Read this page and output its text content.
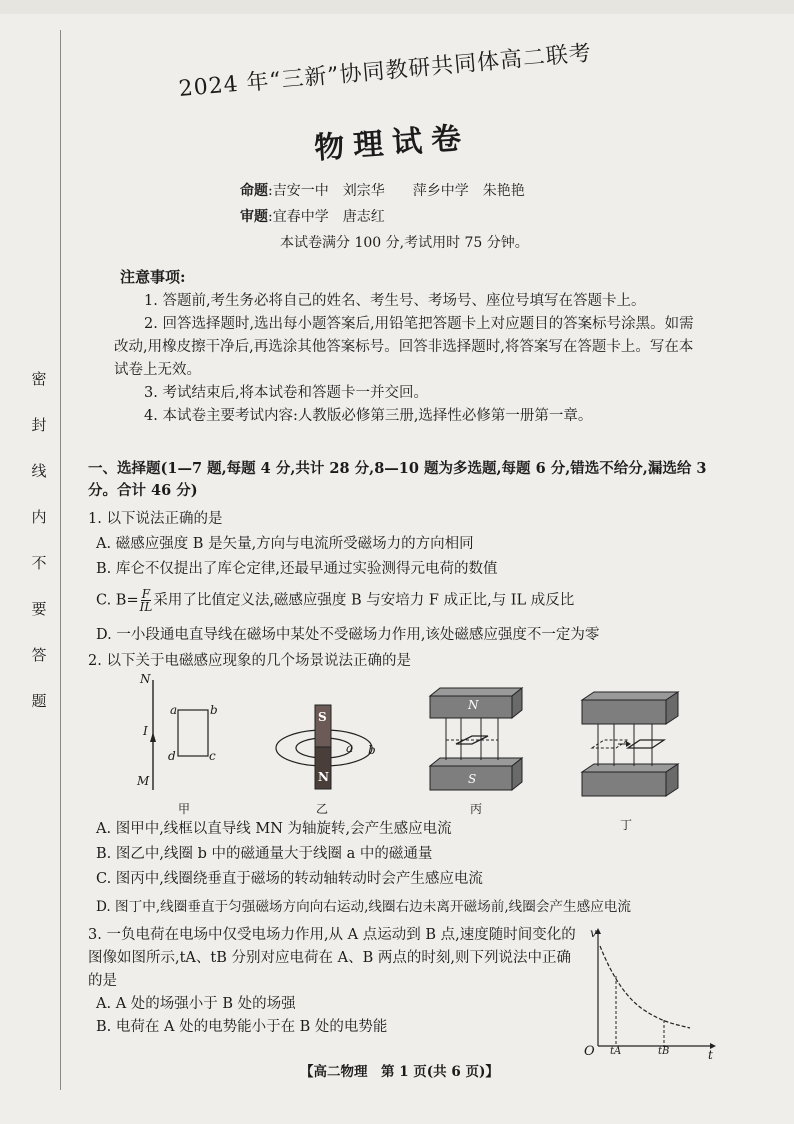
密
封
线
内
不
要
答
题
2024 年“三新”协同教研共同体高二联考
物理试卷
命题:吉安一中　刘宗华　　萍乡中学　朱艳艳
审题:宜春中学　唐志红
本试卷满分 100 分,考试用时 75 分钟。
注意事项:

1. 答题前,考生务必将自己的姓名、考生号、考场号、座位号填写在答题卡上。

2. 回答选择题时,选出每小题答案后,用铅笔把答题卡上对应题目的答案标号涂黑。如需改动,用橡皮擦干净后,再选涂其他答案标号。回答非选择题时,将答案写在答题卡上。写在本试卷上无效。

3. 考试结束后,将本试卷和答题卡一并交回。

4. 本试卷主要考试内容:人教版必修第三册,选择性必修第一册第一章。

一、选择题(1—7 题,每题 4 分,共计 28 分,8—10 题为多选题,每题 6 分,错选不给分,漏选给 3 分。合计 46 分)
1. 以下说法正确的是
A. 磁感应强度 B 是矢量,方向与电流所受磁场力的方向相同
B. 库仑不仅提出了库仑定律,还最早通过实验测得元电荷的数值
C. $B= \frac{F}{IL}$ 采用了比值定义法,磁感应强度 B 与安培力 F 成正比,与 IL 成反比
D. 一小段通电直导线在磁场中某处不受磁场力作用,该处磁感应强度不一定为零
2. 以下关于电磁感应现象的几个场景说法正确的是
N
M
I
a	b
c
d
甲
S
N
a b
乙
N
S
丙
丁
A. 图甲中,线框以直导线 MN 为轴旋转,会产生感应电流
B. 图乙中,线圈 b 中的磁通量大于线圈 a 中的磁通量
C. 图丙中,线圈绕垂直于磁场的转动轴转动时会产生感应电流
D. 图丁中,线圈垂直于匀强磁场方向向右运动,线圈右边未离开磁场前,线圈会产生感应电流

3. 一负电荷在电场中仅受电场力作用,从 A 点运动到 B 点,速度随时间变化的图像如图所示,tA、tB 分别对应电荷在 A、B 两点的时刻,则下列说法中正确的是

A. A 处的场强小于 B 处的场强

B. 电荷在 A 处的电势能小于在 B 处的电势能

v
O	t
tA	tB
【高二物理　第 1 页(共 6 页)】
